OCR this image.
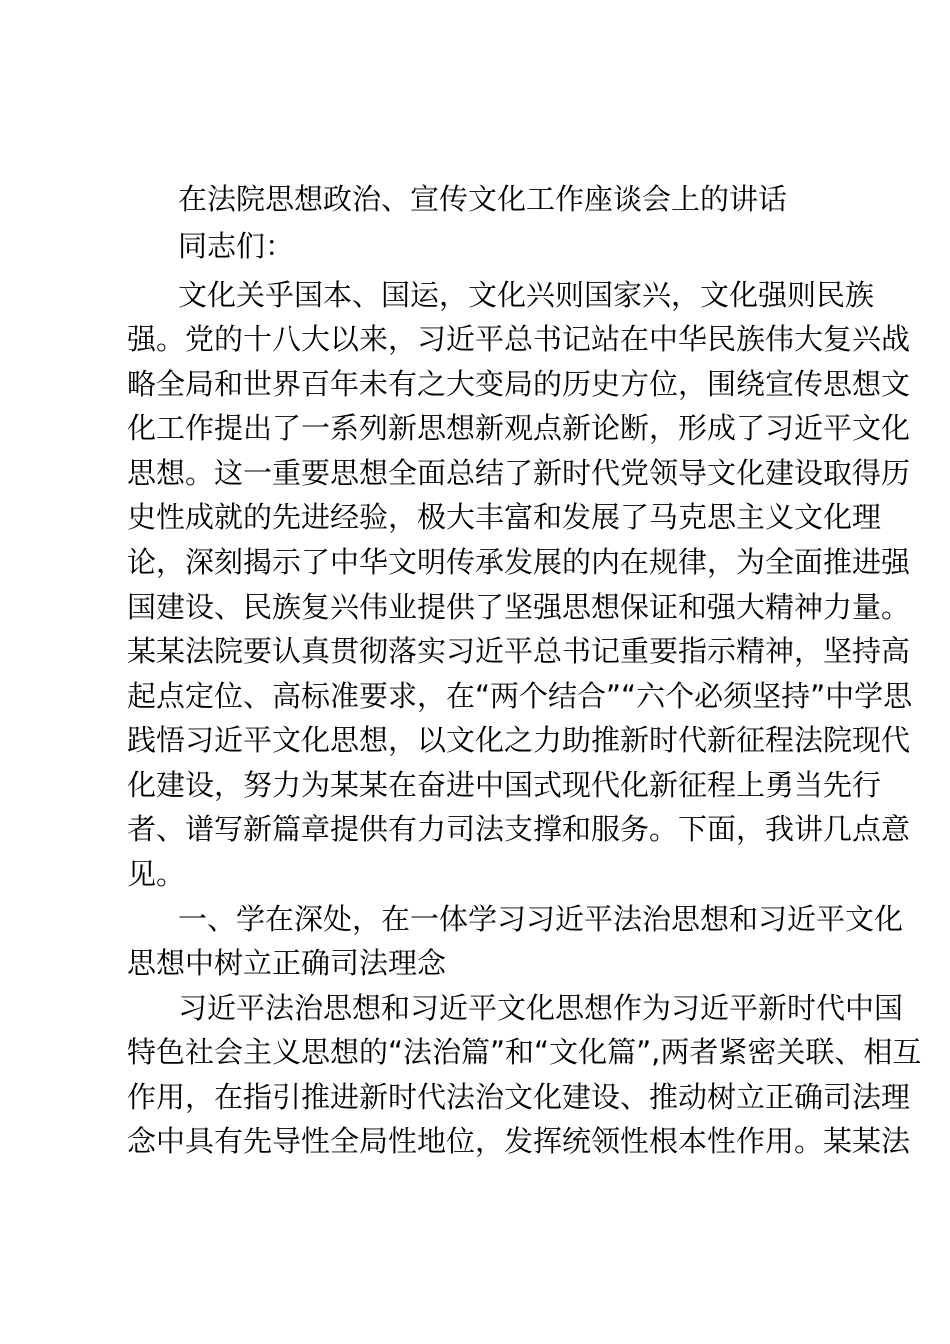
在法院思想政治、宣传文化工作座谈会上的讲话
同志们：
文化关乎国本、国运，文化兴则国家兴，文化强则民族
强。党的十八大以来，习近平总书记站在中华民族伟大复兴战
略全局和世界百年未有之大变局的历史方位，围绕宣传思想文
化工作提出了一系列新思想新观点新论断，形成了习近平文化
思想。这一重要思想全面总结了新时代党领导文化建设取得历
史性成就的先进经验，极大丰富和发展了马克思主义文化理
论，深刻揭示了中华文明传承发展的内在规律，为全面推进强
国建设、民族复兴伟业提供了坚强思想保证和强大精神力量。
某某法院要认真贯彻落实习近平总书记重要指示精神，坚持高
起点定位、高标准要求，在“两个结合”“六个必须坚持”中学思
践悟习近平文化思想，以文化之力助推新时代新征程法院现代
化建设，努力为某某在奋进中国式现代化新征程上勇当先行
者、谱写新篇章提供有力司法支撑和服务。下面，我讲几点意
见。
一、学在深处，在一体学习习近平法治思想和习近平文化
思想中树立正确司法理念
习近平法治思想和习近平文化思想作为习近平新时代中国
特色社会主义思想的“法治篇”和“文化篇”,两者紧密关联、相互
作用，在指引推进新时代法治文化建设、推动树立正确司法理
念中具有先导性全局性地位，发挥统领性根本性作用。某某法
